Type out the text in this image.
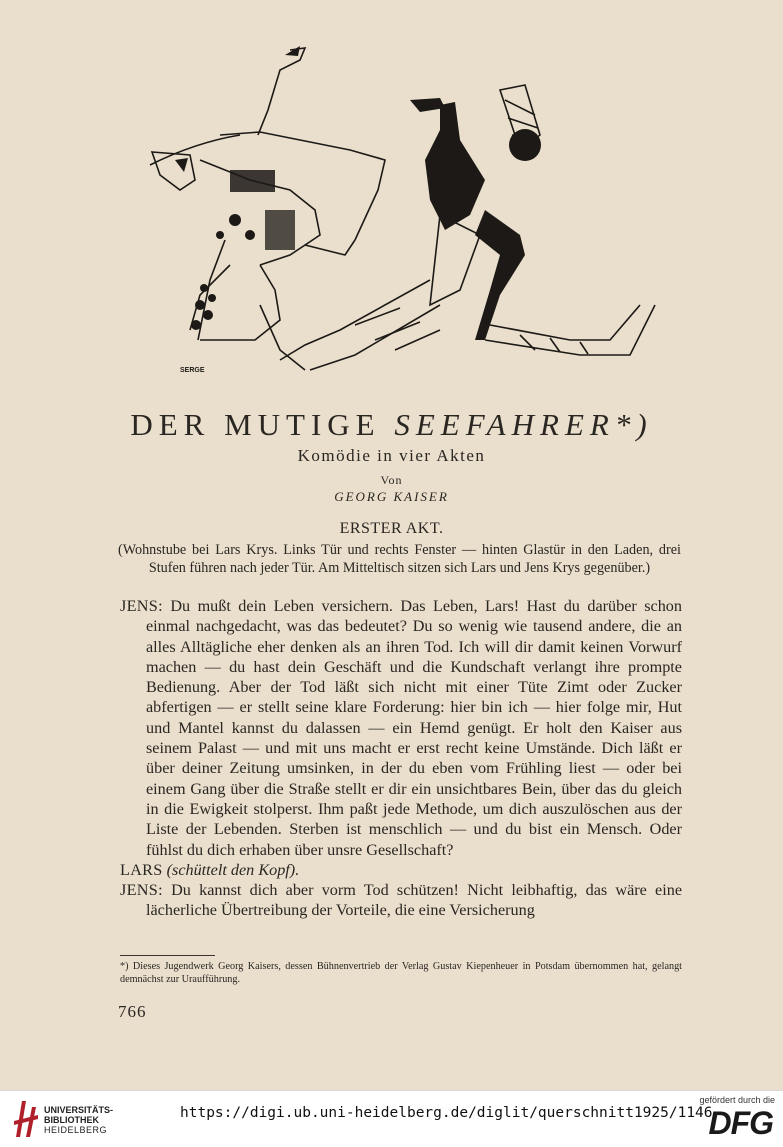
SERGE
DER MUTIGE SEEFAHRER*)
Komödie in vier Akten
Von
GEORG KAISER
ERSTER AKT.
(Wohnstube bei Lars Krys. Links Tür und rechts Fenster — hinten Glastür in den Laden, drei Stufen führen nach jeder Tür. Am Mitteltisch sitzen sich Lars und Jens Krys gegenüber.)

JENS: Du mußt dein Leben versichern. Das Leben, Lars! Hast du darüber schon einmal nachgedacht, was das bedeutet? Du so wenig wie tausend andere, die an alles Alltägliche eher denken als an ihren Tod. Ich will dir damit keinen Vorwurf machen — du hast dein Geschäft und die Kundschaft verlangt ihre prompte Bedienung. Aber der Tod läßt sich nicht mit einer Tüte Zimt oder Zucker abfertigen — er stellt seine klare Forderung: hier bin ich — hier folge mir, Hut und Mantel kannst du dalassen — ein Hemd genügt. Er holt den Kaiser aus seinem Palast — und mit uns macht er erst recht keine Umstände. Dich läßt er über deiner Zeitung umsinken, in der du eben vom Frühling liest — oder bei einem Gang über die Straße stellt er dir ein unsichtbares Bein, über das du gleich in die Ewigkeit stolperst. Ihm paßt jede Methode, um dich auszulöschen aus der Liste der Lebenden. Sterben ist menschlich — und du bist ein Mensch. Oder fühlst du dich erhaben über unsre Gesellschaft?

LARS (schüttelt den Kopf).

JENS: Du kannst dich aber vorm Tod schützen! Nicht leibhaftig, das wäre eine lächerliche Übertreibung der Vorteile, die eine Versicherung

*) Dieses Jugendwerk Georg Kaisers, dessen Bühnenvertrieb der Verlag Gustav Kiepenheuer in Potsdam übernommen hat, gelangt demnächst zur Uraufführung.
766
UNIVERSITÄTS-
BIBLIOTHEK
HEIDELBERG
https://digi.ub.uni-heidelberg.de/diglit/querschnitt1925/1146
gefördert durch die
DFG
